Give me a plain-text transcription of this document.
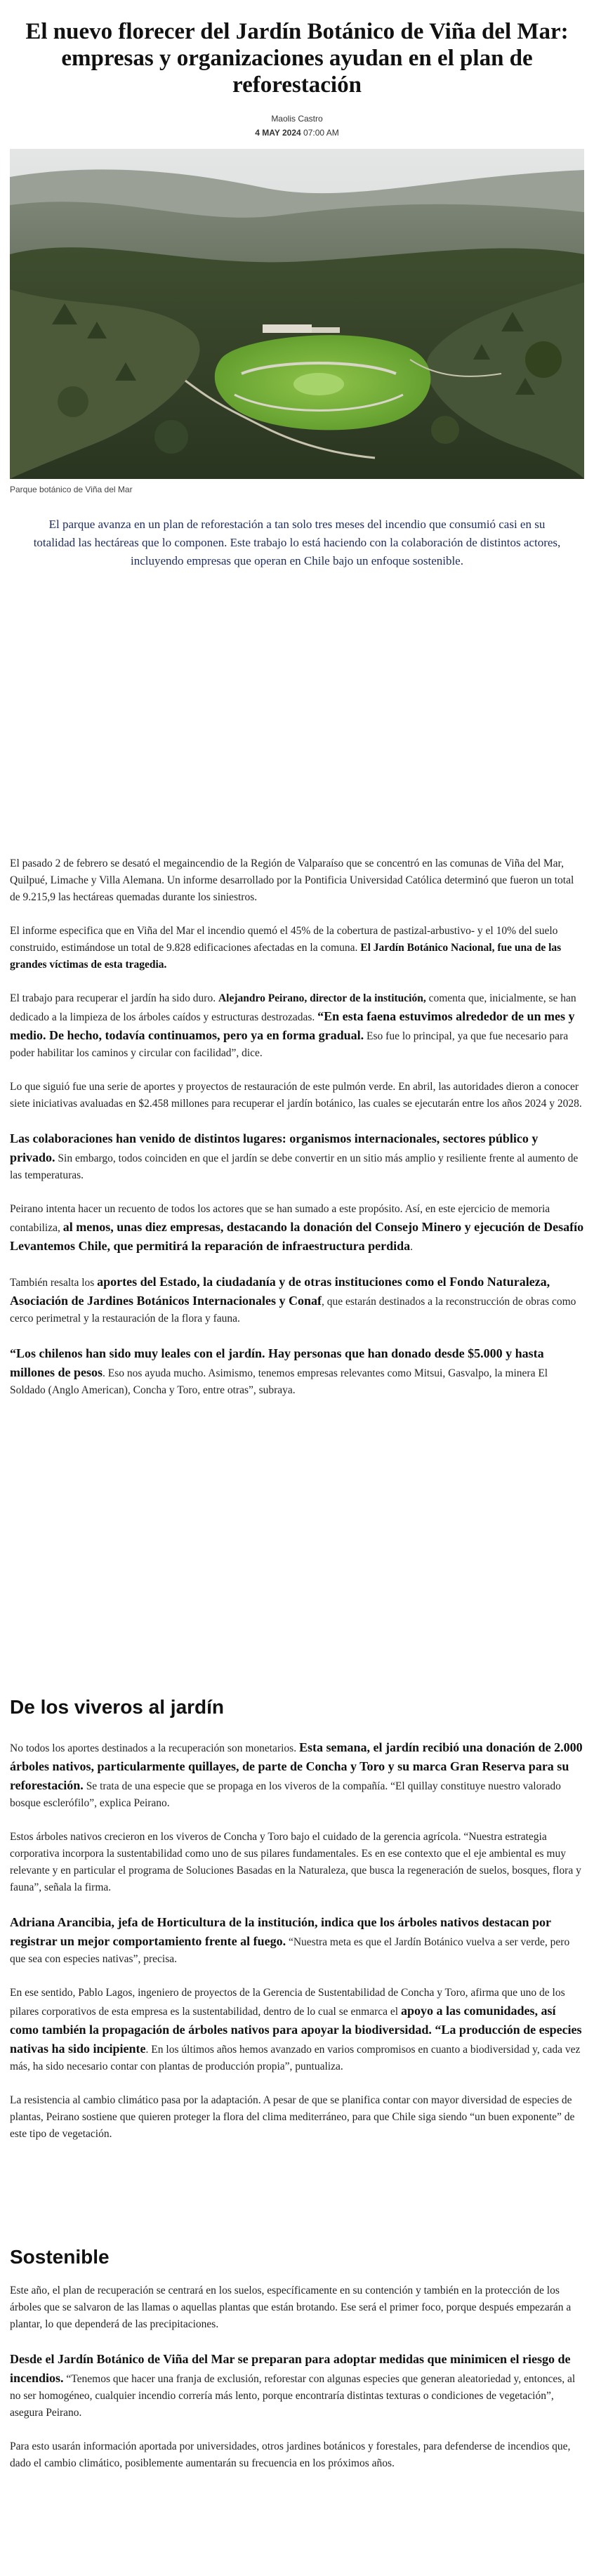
El nuevo florecer del Jardín Botánico de Viña del Mar: empresas y organizaciones ayudan en el plan de reforestación
Maolis Castro
4 MAY 2024 07:00 AM
Parque botánico de Viña del Mar

El parque avanza en un plan de reforestación a tan solo tres meses del incendio que consumió casi en su totalidad las hectáreas que lo componen. Este trabajo lo está haciendo con la colaboración de distintos actores, incluyendo empresas que operan en Chile bajo un enfoque sostenible.

El pasado 2 de febrero se desató el megaincendio de la Región de Valparaíso que se concentró en las comunas de Viña del Mar, Quilpué, Limache y Villa Alemana. Un informe desarrollado por la Pontificia Universidad Católica determinó que fueron un total de 9.215,9 las hectáreas quemadas durante los siniestros.

El informe especifica que en Viña del Mar el incendio quemó el 45% de la cobertura de pastizal-arbustivo- y el 10% del suelo construido, estimándose un total de 9.828 edificaciones afectadas en la comuna. El Jardín Botánico Nacional, fue una de las grandes víctimas de esta tragedia.

El trabajo para recuperar el jardín ha sido duro. Alejandro Peirano, director de la institución, comenta que, inicialmente, se han dedicado a la limpieza de los árboles caídos y estructuras destrozadas. “En esta faena estuvimos alrededor de un mes y medio. De hecho, todavía continuamos, pero ya en forma gradual. Eso fue lo principal, ya que fue necesario para poder habilitar los caminos y circular con facilidad”, dice.

Lo que siguió fue una serie de aportes y proyectos de restauración de este pulmón verde. En abril, las autoridades dieron a conocer siete iniciativas avaluadas en $2.458 millones para recuperar el jardín botánico, las cuales se ejecutarán entre los años 2024 y 2028.

Las colaboraciones han venido de distintos lugares: organismos internacionales, sectores público y privado. Sin embargo, todos coinciden en que el jardín se debe convertir en un sitio más amplio y resiliente frente al aumento de las temperaturas.

Peirano intenta hacer un recuento de todos los actores que se han sumado a este propósito. Así, en este ejercicio de memoria contabiliza, al menos, unas diez empresas, destacando la donación del Consejo Minero y ejecución de Desafío Levantemos Chile, que permitirá la reparación de infraestructura perdida.

También resalta los aportes del Estado, la ciudadanía y de otras instituciones como el Fondo Naturaleza, Asociación de Jardines Botánicos Internacionales y Conaf, que estarán destinados a la reconstrucción de obras como cerco perimetral y la restauración de la flora y fauna.

“Los chilenos han sido muy leales con el jardín. Hay personas que han donado desde $5.000 y hasta millones de pesos. Eso nos ayuda mucho. Asimismo, tenemos empresas relevantes como Mitsui, Gasvalpo, la minera El Soldado (Anglo American), Concha y Toro, entre otras”, subraya.

De los viveros al jardín

No todos los aportes destinados a la recuperación son monetarios. Esta semana, el jardín recibió una donación de 2.000 árboles nativos, particularmente quillayes, de parte de Concha y Toro y su marca Gran Reserva para su reforestación. Se trata de una especie que se propaga en los viveros de la compañía. “El quillay constituye nuestro valorado bosque esclerófilo”, explica Peirano.

Estos árboles nativos crecieron en los viveros de Concha y Toro bajo el cuidado de la gerencia agrícola. “Nuestra estrategia corporativa incorpora la sustentabilidad como uno de sus pilares fundamentales. Es en ese contexto que el eje ambiental es muy relevante y en particular el programa de Soluciones Basadas en la Naturaleza, que busca la regeneración de suelos, bosques, flora y fauna”, señala la firma.

Adriana Arancibia, jefa de Horticultura de la institución, indica que los árboles nativos destacan por registrar un mejor comportamiento frente al fuego. “Nuestra meta es que el Jardín Botánico vuelva a ser verde, pero que sea con especies nativas”, precisa.

En ese sentido, Pablo Lagos, ingeniero de proyectos de la Gerencia de Sustentabilidad de Concha y Toro, afirma que uno de los pilares corporativos de esta empresa es la sustentabilidad, dentro de lo cual se enmarca el apoyo a las comunidades, así como también la propagación de árboles nativos para apoyar la biodiversidad. “La producción de especies nativas ha sido incipiente. En los últimos años hemos avanzado en varios compromisos en cuanto a biodiversidad y, cada vez más, ha sido necesario contar con plantas de producción propia”, puntualiza.

La resistencia al cambio climático pasa por la adaptación. A pesar de que se planifica contar con mayor diversidad de especies de plantas, Peirano sostiene que quieren proteger la flora del clima mediterráneo, para que Chile siga siendo “un buen exponente” de este tipo de vegetación.

Sostenible

Este año, el plan de recuperación se centrará en los suelos, específicamente en su contención y también en la protección de los árboles que se salvaron de las llamas o aquellas plantas que están brotando. Ese será el primer foco, porque después empezarán a plantar, lo que dependerá de las precipitaciones.

Desde el Jardín Botánico de Viña del Mar se preparan para adoptar medidas que minimicen el riesgo de incendios. “Tenemos que hacer una franja de exclusión, reforestar con algunas especies que generan aleatoriedad y, entonces, al no ser homogéneo, cualquier incendio correría más lento, porque encontraría distintas texturas o condiciones de vegetación”, asegura Peirano.

Para esto usarán información aportada por universidades, otros jardines botánicos y forestales, para defenderse de incendios que, dado el cambio climático, posiblemente aumentarán su frecuencia en los próximos años.
